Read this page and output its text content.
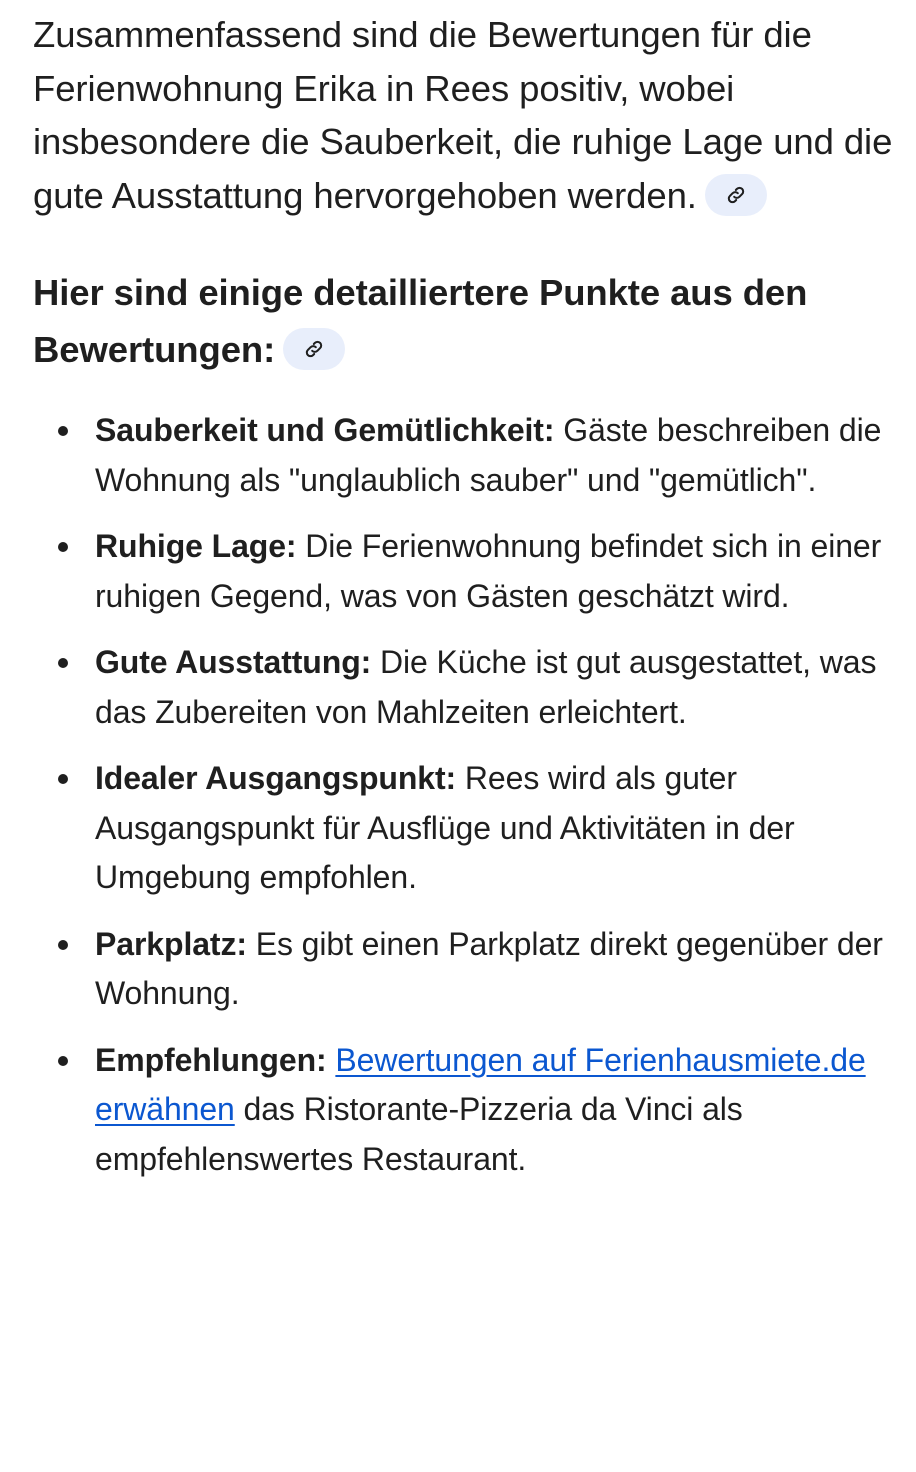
Zusammenfassend sind die Bewertungen für die Ferienwohnung Erika in Rees positiv, wobei insbesondere die Sauberkeit, die ruhige Lage und die gute Ausstattung hervorgehoben werden.

Hier sind einige detailliertere Punkte aus den Bewertungen:

Sauberkeit und Gemütlichkeit: Gäste beschreiben die Wohnung als "unglaublich sauber" und "gemütlich".
Ruhige Lage: Die Ferienwohnung befindet sich in einer ruhigen Gegend, was von Gästen geschätzt wird.
Gute Ausstattung: Die Küche ist gut ausgestattet, was das Zubereiten von Mahlzeiten erleichtert.
Idealer Ausgangspunkt: Rees wird als guter Ausgangspunkt für Ausflüge und Aktivitäten in der Umgebung empfohlen.
Parkplatz: Es gibt einen Parkplatz direkt gegenüber der Wohnung.
Empfehlungen: Bewertungen auf Ferienhausmiete.de erwähnen das Ristorante-Pizzeria da Vinci als empfehlenswertes Restaurant.
